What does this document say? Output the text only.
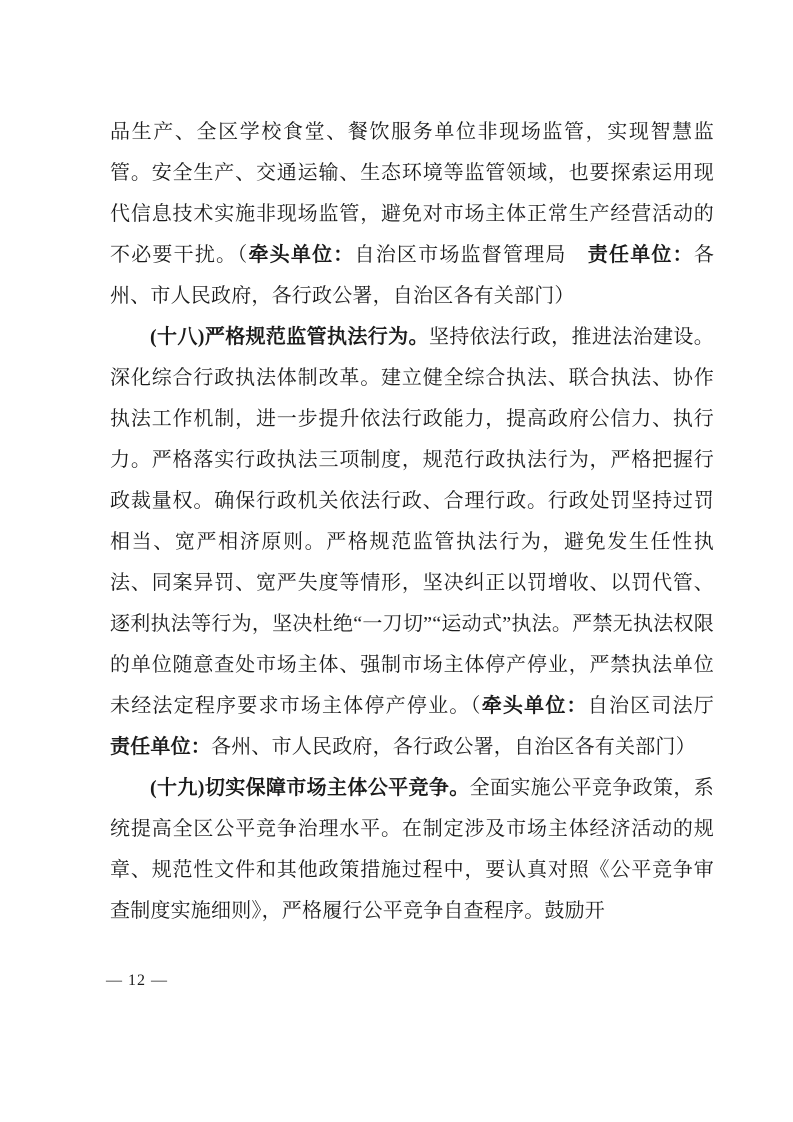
品生产、全区学校食堂、餐饮服务单位非现场监管，实现智慧监管。安全生产、交通运输、生态环境等监管领域，也要探索运用现代信息技术实施非现场监管，避免对市场主体正常生产经营活动的不必要干扰。（牵头单位：自治区市场监督管理局　责任单位：各州、市人民政府，各行政公署，自治区各有关部门）

(十八)严格规范监管执法行为。坚持依法行政，推进法治建设。深化综合行政执法体制改革。建立健全综合执法、联合执法、协作执法工作机制，进一步提升依法行政能力，提高政府公信力、执行力。严格落实行政执法三项制度，规范行政执法行为，严格把握行政裁量权。确保行政机关依法行政、合理行政。行政处罚坚持过罚相当、宽严相济原则。严格规范监管执法行为，避免发生任性执法、同案异罚、宽严失度等情形，坚决纠正以罚增收、以罚代管、逐利执法等行为，坚决杜绝“一刀切”“运动式”执法。严禁无执法权限的单位随意查处市场主体、强制市场主体停产停业，严禁执法单位未经法定程序要求市场主体停产停业。（牵头单位：自治区司法厅　责任单位：各州、市人民政府，各行政公署，自治区各有关部门）

(十九)切实保障市场主体公平竞争。全面实施公平竞争政策，系统提高全区公平竞争治理水平。在制定涉及市场主体经济活动的规章、规范性文件和其他政策措施过程中，要认真对照《公平竞争审查制度实施细则》，严格履行公平竞争自查程序。鼓励开

— 12 —
